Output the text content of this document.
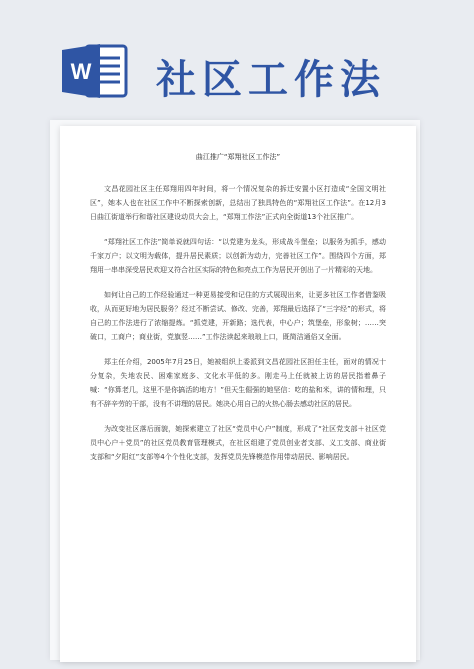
W 社区工作法
曲江推广“郑翔社区工作法”

文昌花园社区主任郑翔用四年时间，将一个情况复杂的拆迁安置小区打造成“全国文明社区”，她本人也在社区工作中不断探索创新，总结出了独具特色的“郑翔社区工作法”。在12月3日曲江街道举行和谐社区建设动员大会上，“郑翔工作法”正式向全街道13个社区推广。

“郑翔社区工作法”简单说就四句话：“以党建为龙头，形成战斗堡垒；以服务为抓手，感动千家万户；以文明为载体，提升居民素质；以创新为动力，完善社区工作”。围绕四个方面，郑翔用一串串深受居民欢迎又符合社区实际的特色和亮点工作为居民开创出了一片精彩的天地。

如何让自己的工作经验通过一种更易接受和记住的方式展现出来，让更多社区工作者借鉴吸收，从而更好地为居民服务？经过不断尝试、修改、完善，郑翔最后选择了“三字经”的形式，将自己的工作法进行了浓缩提炼。“抓党建，开新路；选代表，中心户；筑堡垒，形象树；……突破口，工商户；商业街，党旗竖……”工作法读起来琅琅上口，既简洁通俗又全面。

郑主任介绍，2005年7月25日，她被组织上委派到文昌花园社区担任主任，面对的情况十分复杂，失地农民、困难家庭多、文化水平低的多。刚走马上任就被上访的居民指着鼻子喊：“你算老几，这里不是你搞活的地方！”但天生倔强的她坚信：吃的盐和米，讲的情和理，只有不辞辛劳的干部，没有不讲理的居民。她决心用自己的火热心肠去感动社区的居民。

为改变社区落后面貌，她探索建立了社区“党员中心户”制度，形成了“社区党支部＋社区党员中心户＋党员”的社区党员教育管理模式，在社区组建了党员创业者支部、义工支部、商业街支部和“夕阳红”支部等4个个性化支部，发挥党员先锋模范作用带动居民、影响居民。
